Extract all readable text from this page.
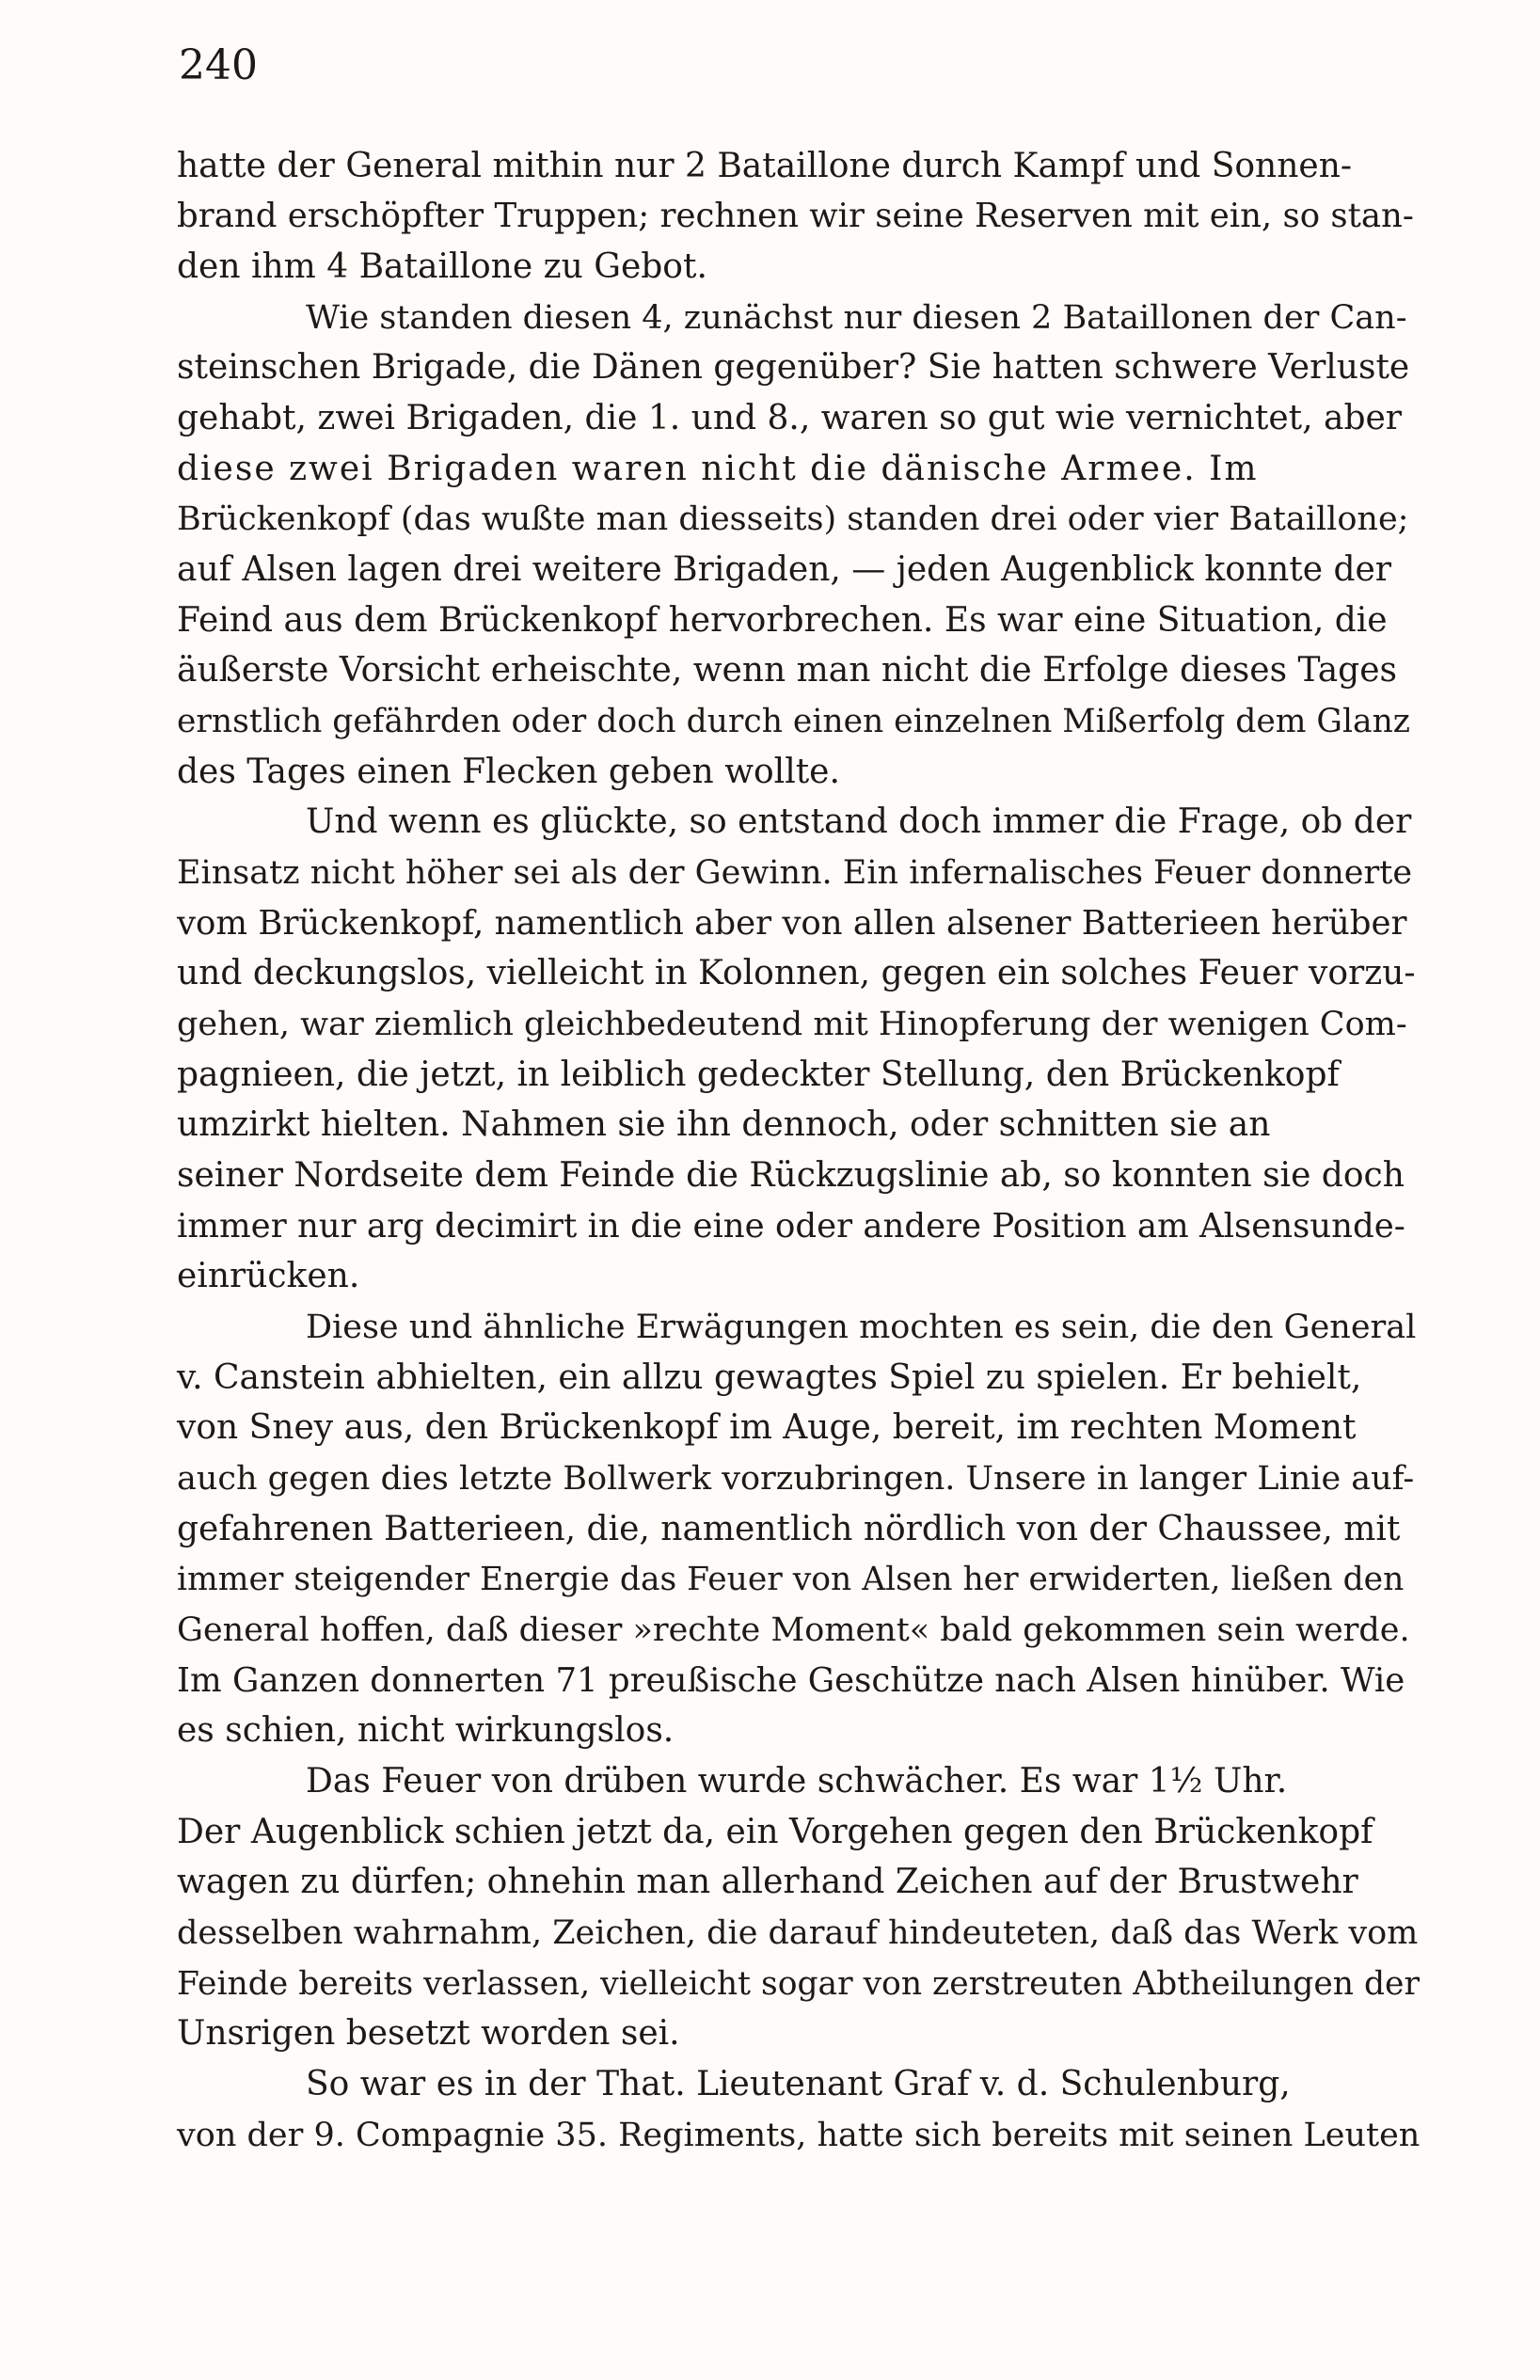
240
hatte der General mithin nur 2 Bataillone durch Kampf und Sonnen-
brand erschöpfter Truppen; rechnen wir seine Reserven mit ein, so stan-
den ihm 4 Bataillone zu Gebot.
Wie standen diesen 4, zunächst nur diesen 2 Bataillonen der Can-
steinschen Brigade, die Dänen gegenüber? Sie hatten schwere Verluste
gehabt, zwei Brigaden, die 1. und 8., waren so gut wie vernichtet, aber
diese zwei Brigaden waren nicht die dänische Armee. Im
Brückenkopf (das wußte man diesseits) standen drei oder vier Bataillone;
auf Alsen lagen drei weitere Brigaden, — jeden Augenblick konnte der
Feind aus dem Brückenkopf hervorbrechen. Es war eine Situation, die
äußerste Vorsicht erheischte, wenn man nicht die Erfolge dieses Tages
ernstlich gefährden oder doch durch einen einzelnen Mißerfolg dem Glanz
des Tages einen Flecken geben wollte.
Und wenn es glückte, so entstand doch immer die Frage, ob der
Einsatz nicht höher sei als der Gewinn. Ein infernalisches Feuer donnerte
vom Brückenkopf, namentlich aber von allen alsener Batterieen herüber
und deckungslos, vielleicht in Kolonnen, gegen ein solches Feuer vorzu-
gehen, war ziemlich gleichbedeutend mit Hinopferung der wenigen Com-
pagnieen, die jetzt, in leiblich gedeckter Stellung, den Brückenkopf
umzirkt hielten. Nahmen sie ihn dennoch, oder schnitten sie an
seiner Nordseite dem Feinde die Rückzugslinie ab, so konnten sie doch
immer nur arg decimirt in die eine oder andere Position am Alsensunde-
einrücken.
Diese und ähnliche Erwägungen mochten es sein, die den General
v. Canstein abhielten, ein allzu gewagtes Spiel zu spielen. Er behielt,
von Sney aus, den Brückenkopf im Auge, bereit, im rechten Moment
auch gegen dies letzte Bollwerk vorzubringen. Unsere in langer Linie auf-
gefahrenen Batterieen, die, namentlich nördlich von der Chaussee, mit
immer steigender Energie das Feuer von Alsen her erwiderten, ließen den
General hoffen, daß dieser »rechte Moment« bald gekommen sein werde.
Im Ganzen donnerten 71 preußische Geschütze nach Alsen hinüber. Wie
es schien, nicht wirkungslos.
Das Feuer von drüben wurde schwächer. Es war 1½ Uhr.
Der Augenblick schien jetzt da, ein Vorgehen gegen den Brückenkopf
wagen zu dürfen; ohnehin man allerhand Zeichen auf der Brustwehr
desselben wahrnahm, Zeichen, die darauf hindeuteten, daß das Werk vom
Feinde bereits verlassen, vielleicht sogar von zerstreuten Abtheilungen der
Unsrigen besetzt worden sei.
So war es in der That. Lieutenant Graf v. d. Schulenburg,
von der 9. Compagnie 35. Regiments, hatte sich bereits mit seinen Leuten
